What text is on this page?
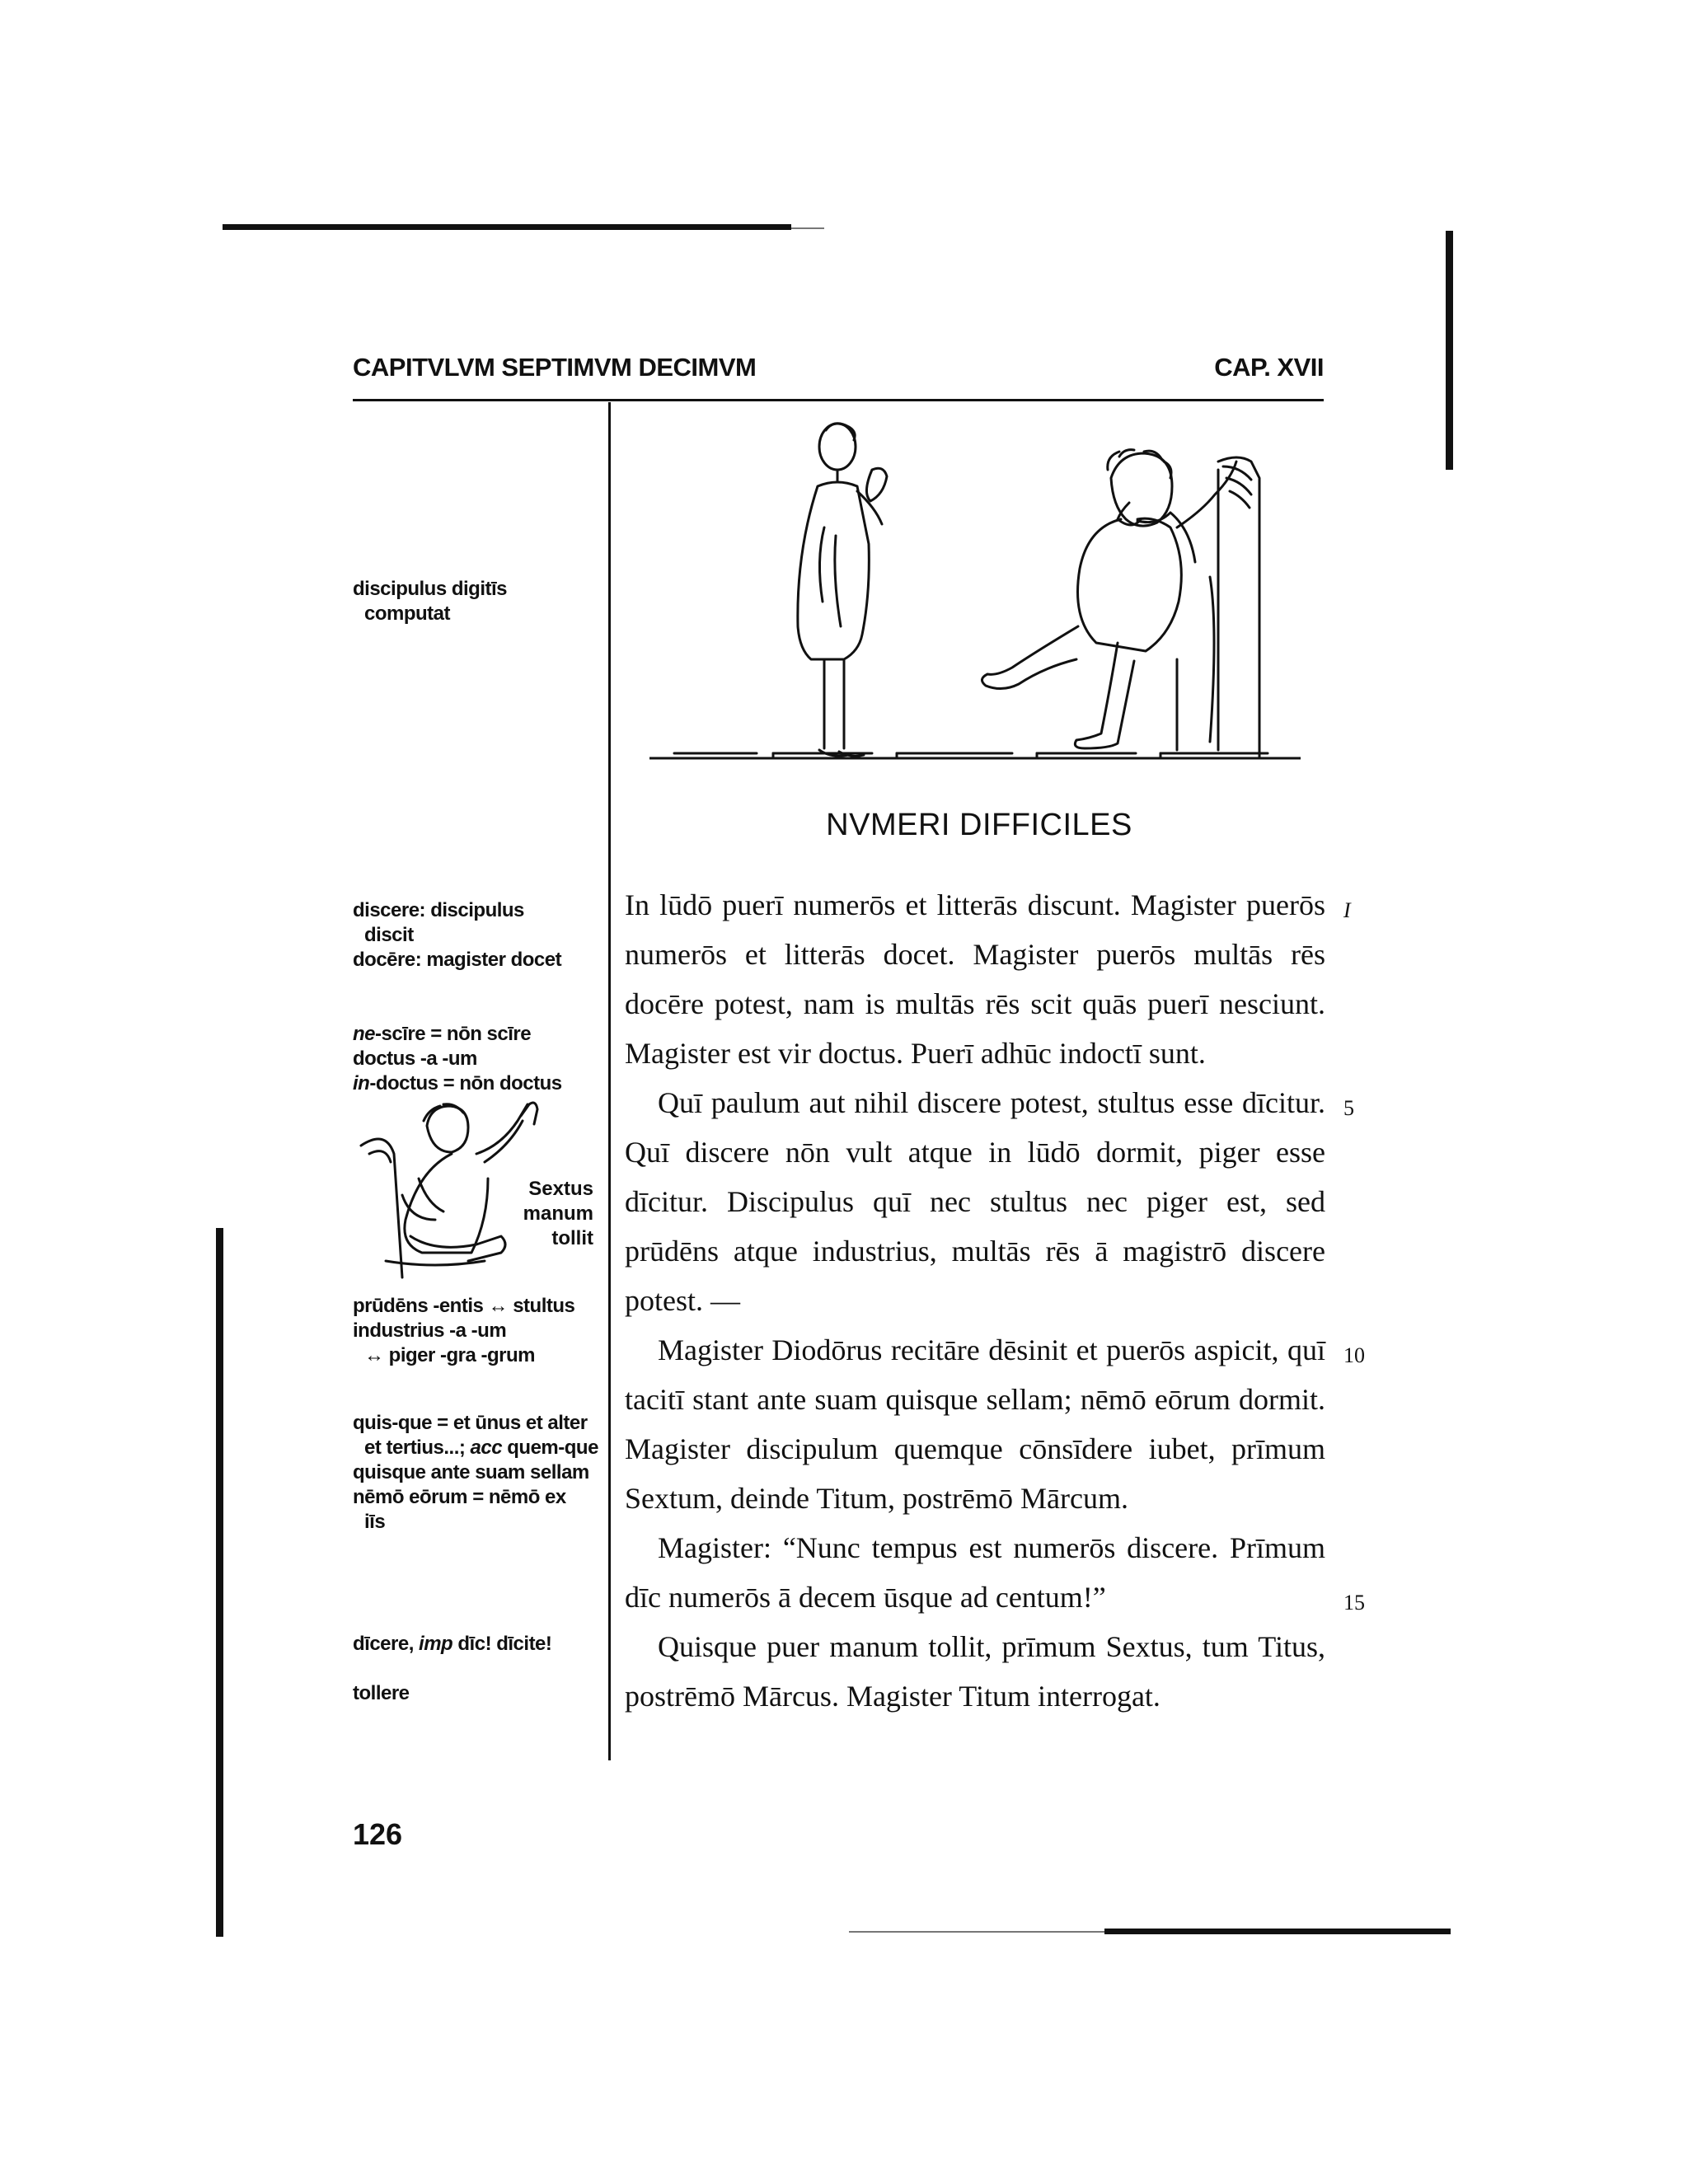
CAPITVLVM SEPTIMVM DECIMVM	CAP. XVII
discipulus digitīs
computat
discere: discipulus
discit
docēre: magister docet
ne-scīre = nōn scīre
doctus -a -um
in-doctus = nōn doctus
Sextus
manum
tollit
prūdēns -entis ↔ stultus
industrius -a -um
↔ piger -gra -grum
quis-que = et ūnus et alter
et tertius...; acc quem-que
quisque ante suam sellam
nēmō eōrum = nēmō ex
iīs
dīcere, imp dīc! dīcite!
tollere
NVMERI DIFFICILES

In lūdō puerī numerōs et litterās discunt. Magister puerōs numerōs et litterās docet. Magister puerōs multās rēs docēre potest, nam is multās rēs scit quās puerī nesciunt. Magister est vir doctus. Puerī adhūc indoctī sunt.

Quī paulum aut nihil discere potest, stultus esse dīcitur. Quī discere nōn vult atque in lūdō dormit, piger esse dīcitur. Discipulus quī nec stultus nec piger est, sed prūdēns atque industrius, multās rēs ā magistrō discere potest. —

Magister Diodōrus recitāre dēsinit et puerōs aspicit, quī tacitī stant ante suam quisque sellam; nēmō eōrum dormit. Magister discipulum quemque cōnsīdere iubet, prīmum Sextum, deinde Titum, postrēmō Mārcum.

Magister: “Nunc tempus est numerōs discere. Prīmum dīc numerōs ā decem ūsque ad centum!”

Quisque puer manum tollit, prīmum Sextus, tum Titus, postrēmō Mārcus. Magister Titum interrogat.

I
5
10
15
126
